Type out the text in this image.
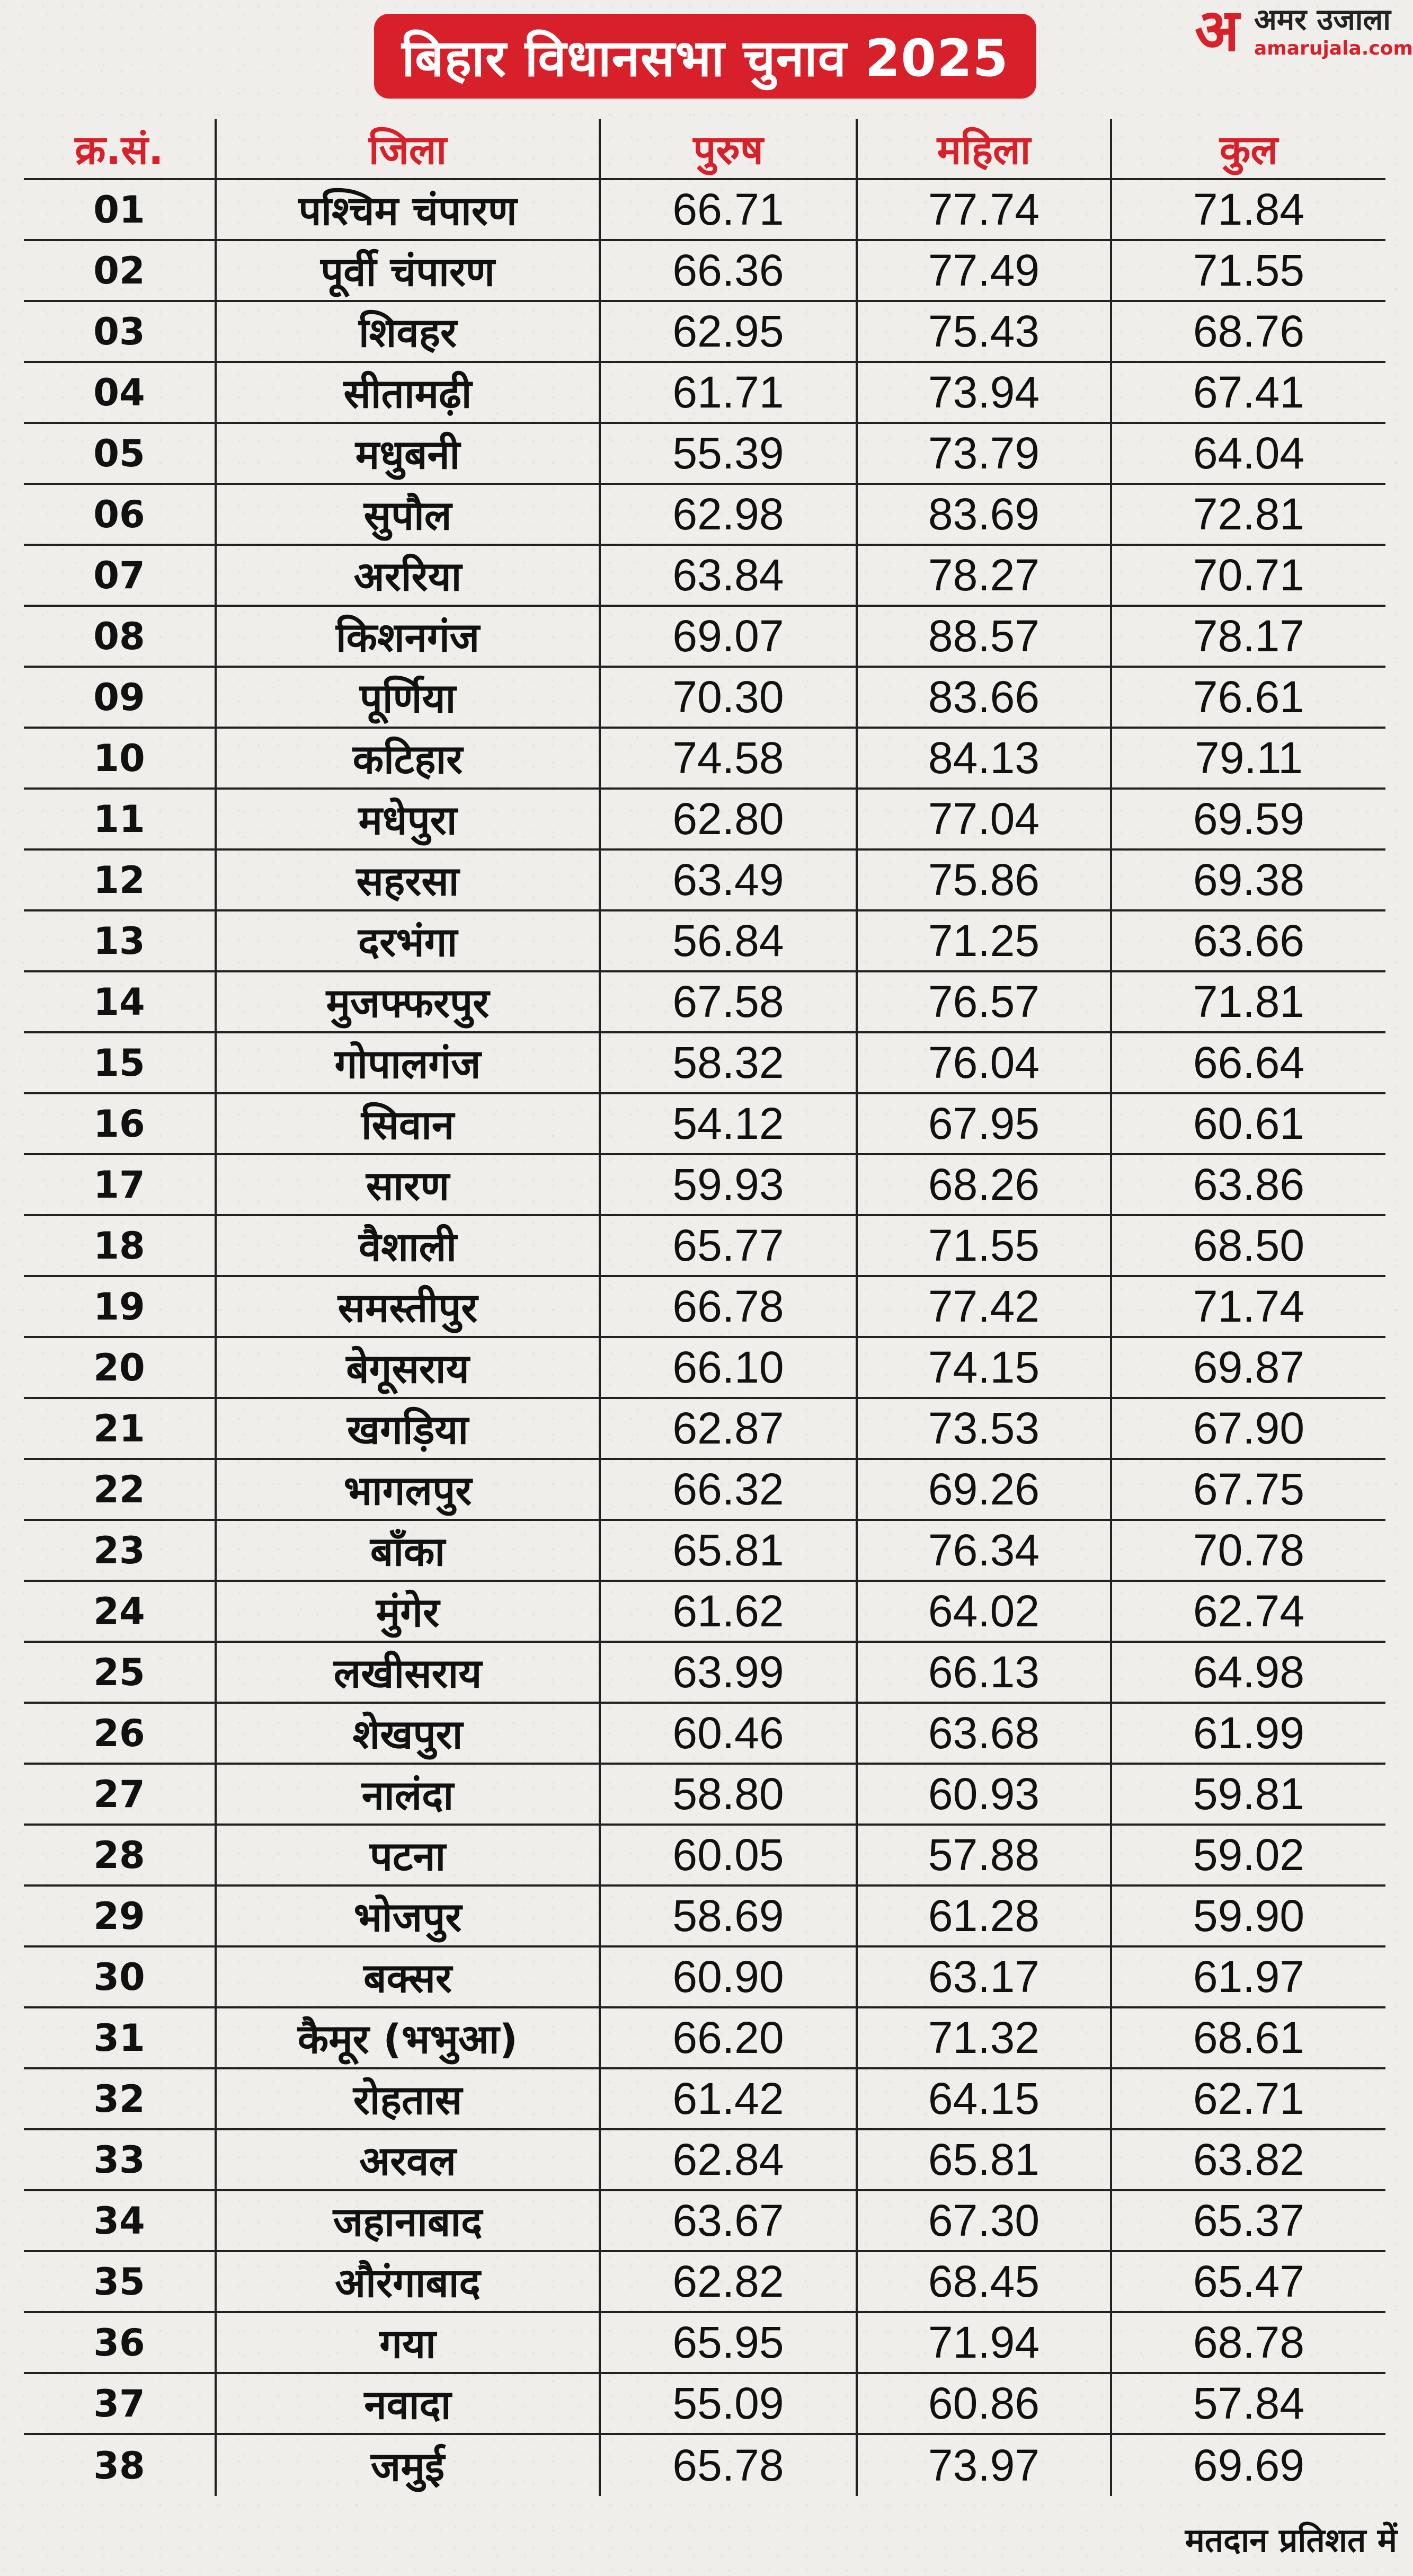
बिहार विधानसभा चुनाव 2025	अ अमर उजाला
amarujala.com
क्र.सं.	जिला	पुरुष	महिला	कुल
01	पश्चिम चंपारण	66.71	77.74	71.84
02	पूर्वी चंपारण	66.36	77.49	71.55
03	शिवहर	62.95	75.43	68.76
04	सीतामढ़ी	61.71	73.94	67.41
05	मधुबनी	55.39	73.79	64.04
06	सुपौल	62.98	83.69	72.81
07	अररिया	63.84	78.27	70.71
08	किशनगंज	69.07	88.57	78.17
09	पूर्णिया	70.30	83.66	76.61
10	कटिहार	74.58	84.13	79.11
11	मधेपुरा	62.80	77.04	69.59
12	सहरसा	63.49	75.86	69.38
13	दरभंगा	56.84	71.25	63.66
14	मुजफ्फरपुर	67.58	76.57	71.81
15	गोपालगंज	58.32	76.04	66.64
16	सिवान	54.12	67.95	60.61
17	सारण	59.93	68.26	63.86
18	वैशाली	65.77	71.55	68.50
19	समस्तीपुर	66.78	77.42	71.74
20	बेगूसराय	66.10	74.15	69.87
21	खगड़िया	62.87	73.53	67.90
22	भागलपुर	66.32	69.26	67.75
23	बाँका	65.81	76.34	70.78
24	मुंगेर	61.62	64.02	62.74
25	लखीसराय	63.99	66.13	64.98
26	शेखपुरा	60.46	63.68	61.99
27	नालंदा	58.80	60.93	59.81
28	पटना	60.05	57.88	59.02
29	भोजपुर	58.69	61.28	59.90
30	बक्सर	60.90	63.17	61.97
31	कैमूर (भभुआ)	66.20	71.32	68.61
32	रोहतास	61.42	64.15	62.71
33	अरवल	62.84	65.81	63.82
34	जहानाबाद	63.67	67.30	65.37
35	औरंगाबाद	62.82	68.45	65.47
36	गया	65.95	71.94	68.78
37	नवादा	55.09	60.86	57.84
38	जमुई	65.78	73.97	69.69
मतदान प्रतिशत में
